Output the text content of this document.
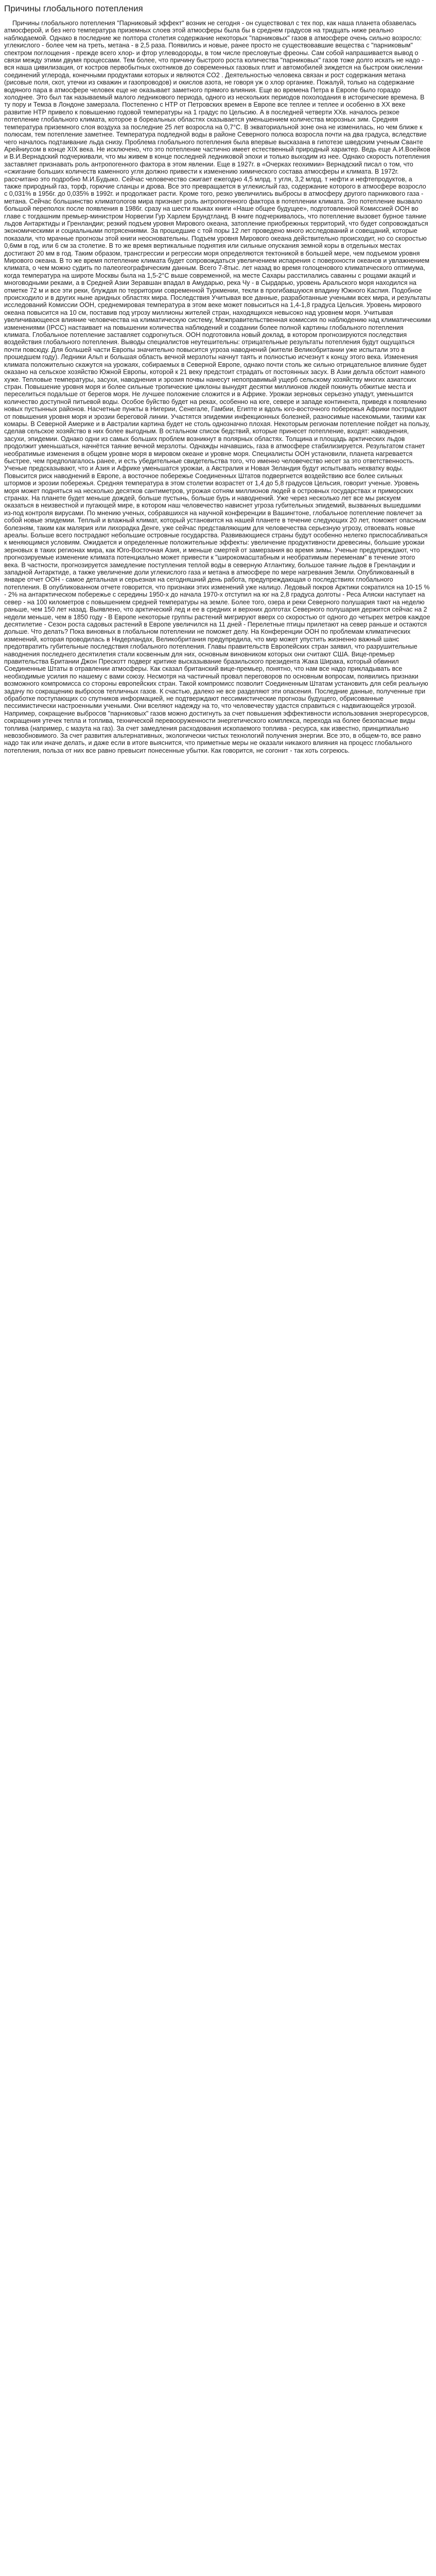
Причины глобального потепления

Причины глобального потепления "Парниковый эффект" возник не сегодня - он существовал с тех пор, как наша планета обзавелась атмосферой, и без него температура приземных слоев этой атмосферы была бы в среднем градусов на тридцать ниже реально наблюдаемой. Однако в последние же полтора столетия содержание некоторых "парниковых" газов в атмосфере очень сильно возросло: углекислого - более чем на треть, метана - в 2,5 раза. Появились и новые, ранее просто не существовавшие вещества с "парниковым" спектром поглощения - прежде всего хлор- и фтор углеводороды, в том числе пресловутые фреоны. Сам собой напрашивается вывод о связи между этими двумя процессами. Тем более, что причину быстрого роста количества "парниковых" газов тоже долго искать не надо - вся наша цивилизация, от костров первобытных охотников до современных газовых плит и автомобилей зиждется на быстром окислении соединений углерода, конечными продуктами которых и являются CO2 . Деятельностью человека связан и рост содержания метана (рисовые поля, скот, утечки из скважин и газопроводов) и окислов азота, не говоря уж о хлор органике. Пожалуй, только на содержание водяного пара в атмосфере человек еще не оказывает заметного прямого влияния. Еще во времена Петра в Европе было гораздо холоднее. Это был так называемый малого ледникового периода, одного из нескольких периодов похолодания в исторические времена. В ту пору и Темза в Лондоне замерзала. Постепенно с НТР от Петровских времен в Европе все теплее и теплее и особенно в XX веке развитие НТР привело к повышению годовой температуры на 1 градус по Цельсию. А в последней четверти XXв. началось резкое потепление глобального климата, которое в бореальных областях сказывается уменьшением количества морозных зим. Средняя температура приземного слоя воздуха за последние 25 лет возросла на 0,7°С. В экваториальной зоне она не изменилась, но чем ближе к полюсам, тем потепление заметнее. Температура подледной воды в районе Северного полюса возросла почти на два градуса, вследствие чего началось подтаивание льда снизу. Проблема глобального потепления была впервые высказана в гипотезе шведским ученым Сванте Арейниусом в конце XIX века. Не исключено, что это потепление частично имеет естественный природный характер. Ведь еще А.И.Воейков и В.И.Вернадский подчеркивали, что мы живем в конце последней ледниковой эпохи и только выходим из нее. Однако скорость потепления заставляет признавать роль антропогенного фактора в этом явлении. Еще в 1927г. в «Очерках геохимии» Вернадский писал о том, что «сжигание больших количеств каменного угля должно привести к изменению химического состава атмосферы и климата. В 1972г. рассчитано это подробно М.И.Будыко. Сейчас человечество сжигает ежегодно 4,5 млрд. т угля, 3,2 млрд. т нефти и нефтепродуктов, а также природный газ, торф, горючие сланцы и дрова. Все это превращается в углекислый газ, содержание которого в атмосфере возросло с 0,031% в 1956г. до 0,035% в 1992г. и продолжает расти. Кроме того, резко увеличились выбросы в атмосферу другого парникового газа - метана. Сейчас большинство климатологов мира признает роль антропогенного фактора в потеплении климата. Это потепление вызвало большой переполох после появления в 1986г. сразу на шести языках книги «Наше общее будущее», подготовленной Комиссией ООН во главе с тогдашним премьер-министром Норвегии Гур Харлем Брундтланд. В книге подчеркивалось, что потепление вызовет бурное таяние льдов Антарктиды и Гренландии; резкий подъем уровня Мирового океана, затопление приобрежных территорий, что будет сопровождаться экономическими и социальными потрясениями. За прошедшие с той поры 12 лет проведено много исследований и совещаний, которые показали, что мрачные прогнозы этой книги неосновательны. Подъем уровня Мирового океана действительно происходит, но со скоростью 0,6мм в год, или 6 см за столетие. В то же время вертикальные поднятия или сильные опускания земной коры в отдельных местах достигают 20 мм в год. Таким образом, трансгрессии и регрессии моря определяются тектоникой в большей мере, чем подъемом уровня Мирового океана. В то же время потепление климата будет сопровождаться увеличением испарения с поверхности океанов и увлажнением климата, о чем можно судить по палеогеографическим данным. Всего 7-8тыс. лет назад во время голоценового климатического оптимума, когда температура на широте Москвы была на 1,5-2°С выше современной, на месте Сахары расстилались саванны с рощами акаций и многоводными реками, а в Средней Азии Зеравшан впадал в Амударью, река Чу - в Сырдарью, уровень Аральского моря находился на отметке 72 м и все эти реки, блуждая по территории современной Туркмении, текли в прогибавшуюся впадину Южного Каспия. Подобное происходило и в других ныне аридных областях мира. Последствия Учитывая все данные, разработанные учеными всех мира, и результаты исследований Комиссии ООН, среднемировая температура в этом веке может повыситься на 1,4-1,8 градуса Цельсия. Уровень мирового океана повысится на 10 см, поставив под угрозу миллионы жителей стран, находящихся невысоко над уровнем моря. Учитывая увеличивающееся влияние человечества на климатическую систему, Межправительственная комиссия по наблюдению над климатическими изменениями (IPCC) настаивает на повышении количества наблюдений и создании более полной картины глобального потепления климата. Глобальное потепление заставляет содрогнуться. ООН подготовила новый доклад, в котором прогнозируются последствия воздействия глобального потепления. Выводы специалистов неутешительны: отрицательные результаты потепления будут ощущаться почти повсюду. Для большей части Европы значительно повысится угроза наводнений (жители Великобритании уже испытали это в прошедшем году). Ледники Альп и большая область вечной мерзлоты начнут таять и полностью исчезнут к концу этого века. Изменения климата положительно скажутся на урожаях, собираемых в Северной Европе, однако почти столь же сильно отрицательное влияние будет оказано на сельское хозяйство Южной Европы, которой к 21 веку предстоит страдать от постоянных засух. В Азии дельта обстоит намного хуже. Тепловые температуры, засухи, наводнения и эрозия почвы нанесут непоправимый ущерб сельскому хозяйству многих азиатских стран. Повышение уровня моря и более сильные тропические циклоны вынудят десятки миллионов людей покинуть обжитые места и переселиться подальше от берегов моря. Не лучшее положение сложится и в Африке. Урожаи зерновых серьезно упадут, уменьшится количество доступной питьевой воды. Особое буйство будет на реках, особенно на юге, севере и западе континента, приведя к появлению новых пустынных районов. Насчетные пункты в Нигерии, Сенегале, Гамбии, Египте и вдоль юго-восточного побережья Африки пострадают от повышения уровня моря и эрозии береговой линии. Участятся эпидемии инфекционных болезней, разносимые насекомыми, такими как комары. В Северной Америке и в Австралии картина будет не столь однозначно плохая. Некоторым регионам потепление пойдет на пользу, сделав сельское хозяйство в них более выгодным. В остальном список бедствий, которые принесет потепление, входят: наводнения, засухи, эпидемии. Однако одни из самых больших проблем возникнут в полярных областях. Толщина и площадь арктических льдов продолжит уменьшаться, начнётся таяние вечной мерзлоты. Однажды начавшись, газа в атмосфере стабилизируется. Результатом станет необратимые изменения в общем уровне моря в мировом океане и уровне моря. Специалисты ООН установили, планета нагревается быстрее, чем предполагалось ранее, и есть убедительные свидетельства того, что именно человечество несет за это ответственность. Ученые предсказывают, что и Азия и Африке уменьшатся урожаи, а Австралия и Новая Зеландия будут испытывать нехватку воды. Повысится риск наводнений в Европе, а восточное побережье Соединенных Штатов подвергнется воздействию все более сильных штормов и эрозии побережья. Средняя температура в этом столетии возрастет от 1,4 до 5,8 градусов Цельсия, говорит ученые. Уровень моря может подняться на несколько десятков сантиметров, угрожая сотням миллионов людей в островных государствах и приморских странах. На планете будет меньше дождей, больше пустынь, больше бурь и наводнений. Уже через несколько лет все мы рискуем оказаться в неизвестной и пугающей мире, в котором наш человечество нависнет угроза губительных эпидемий, вызванных вышедшими из-под контроля вирусами. По мнению ученых, собравшихся на научной конференции в Вашингтоне, глобальное потепление повлечет за собой новые эпидемии. Теплый и влажный климат, который установится на нашей планете в течение следующих 20 лет, поможет опасным болезням, таким как малярия или лихорадка Денге, уже сейчас представляющим для человечества серьезную угрозу, отвоевать новые ареалы. Больше всего пострадают небольшие островные государства. Развивающиеся страны будут особенно нелегко приспосабливаться к меняющимся условиям. Ожидается и определенные положительные эффекты: увеличение продуктивности древесины, большие урожаи зерновых в таких регионах мира, как Юго-Восточная Азия, и меньше смертей от замерзания во время зимы. Ученые предупреждают, что прогнозируемые изменение климата потенциально может привести к "широкомасштабным и необратимым переменам" в течение этого века. В частности, прогнозируется замедление поступления теплой воды в северную Атлантику, большое таяние льдов в Гренландии и западной Антарктиде, а также увеличение доли углекислого газа и метана в атмосфере по мере нагревания Земли. Опубликованный в январе отчет ООН - самое детальная и серьезная на сегодняшний день работа, предупреждающая о последствиях глобального потепления. В опубликованном отчете говорится, что признаки этих изменений уже налицо. Ледовый покров Арктики сократился на 10-15 % - 2% на антарктическом побережье с середины 1950-х до начала 1970-х отступил на юг на 2,8 градуса долготы - Реса Аляски наступает на север - на 100 километров с повышением средней температуры на земле. Более того, озера и реки Северного полушария тают на неделю раньше, чем 150 лет назад. Выявлено, что арктический лед и ее в средних и верхних долготах Северного полушария держится сейчас на 2 недели меньше, чем в 1850 году - В Европе некоторые группы растений мигрируют вверх со скоростью от одного до четырех метров каждое десятилетие - Сезон роста садовых растений в Европе увеличился на 11 дней - Перелетные птицы прилетают на север раньше и остаются дольше. Что делать? Пока виновных в глобальном потеплении не поможет делу. На Конференции ООН по проблемам климатических изменений, которая проводилась в Нидерландах, Великобритания предупредила, что мир может упустить жизненно важный шанс предотвратить губительные последствия глобального потепления. Главы правительств Европейских стран заявил, что разрушительные наводнения последнего десятилетия стали косвенным для них, основным виновником которых они считают США. Вице-премьер правительства Британии Джон Прескотт подверг критике высказывание бразильского президента Жака Ширака, который обвинил Соединенные Штаты в отравлении атмосферы. Как сказал британский вице-премьер, понятно, что нам все надо прикладывать все необходимые усилия по нашему с вами союзу. Несмотря на частичный провал переговоров по основным вопросам, появились признаки возможного компромисса со стороны европейских стран. Такой компромисс позволит Соединенным Штатам установить для себя реальную задачу по сокращению выбросов тепличных газов. К счастью, далеко не все разделяют эти опасения. Последние данные, полученные при обработке поступающих со спутников информацией, не подтверждают пессимистические прогнозы будущего, обрисованные пессимистически настроенными учеными. Они вселяют надежду на то, что человечеству удастся справиться с надвигающейся угрозой. Например, сокращение выбросов "парниковых" газов можно достигнуть за счет повышения эффективности использования энергоресурсов, сокращения утечек тепла и топлива, технической перевооруженности энергетического комплекса, перехода на более безопасные виды топлива (например, с мазута на газ). За счет замедления расходования ископаемого топлива - ресурса, как известно, принципиально невозобновимого. За счет развития альтернативных, экологически чистых технологий получения энергии. Все это, в общем-то, все равно надо так или иначе делать, и даже если в итоге выяснится, что приметные меры не оказали никакого влияния на процесс глобального потепления, польза от них все равно превысит понесенные убытки. Как говорится, не согонит - так хоть согреюсь.
